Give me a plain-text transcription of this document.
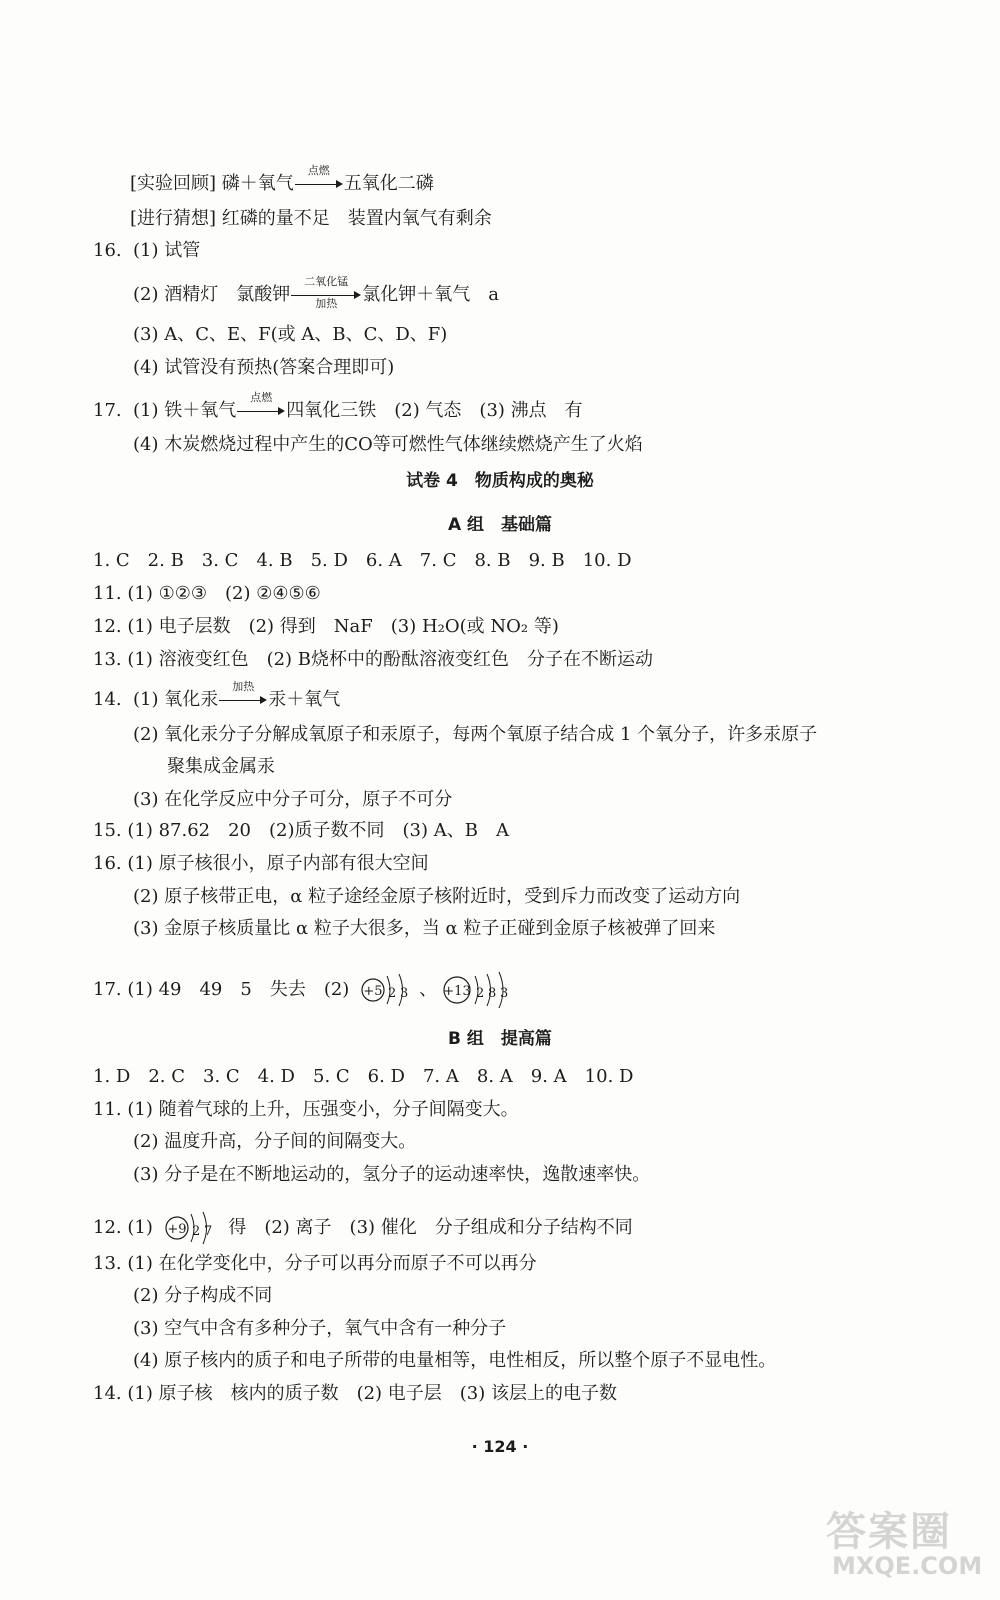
[实验回顾] 磷＋氧气
点燃
五氧化二磷
[进行猜想] 红磷的量不足　装置内氧气有剩余
16. (1) 试管
(2) 酒精灯　氯酸钾
二氧化锰
加热	氯化钾＋氧气　a
(3) A、C、E、F(或 A、B、C、D、F)
(4) 试管没有预热(答案合理即可)
17. (1) 铁＋氧气
点燃
四氧化三铁　(2) 气态　(3) 沸点　有
(4) 木炭燃烧过程中产生的CO等可燃性气体继续燃烧产生了火焰
试卷 4　物质构成的奥秘
A 组　基础篇
1. C　2. B　3. C　4. B　5. D　6. A　7. C　8. B　9. B　10. D
11. (1) ①②③　(2) ②④⑤⑥
12. (1) 电子层数　(2) 得到　NaF　(3) H₂O(或 NO₂ 等)
13. (1) 溶液变红色　(2) B烧杯中的酚酞溶液变红色　分子在不断运动
14. (1) 氧化汞
加热
汞＋氧气
(2) 氧化汞分子分解成氧原子和汞原子，每两个氧原子结合成 1 个氧分子，许多汞原子
聚集成金属汞
(3) 在化学反应中分子可分，原子不可分
15. (1) 87.62　20　(2)质子数不同　(3) A、B　A
16. (1) 原子核很小，原子内部有很大空间
(2) 原子核带正电，α 粒子途经金原子核附近时，受到斥力而改变了运动方向
(3) 金原子核质量比 α 粒子大很多，当 α 粒子正碰到金原子核被弹了回来
17. (1) 49　49　5　失去　(2) +5 2 3 、 +13 2 8 3
B 组　提高篇
1. D　2. C　3. C　4. D　5. C　6. D　7. A　8. A　9. A　10. D
11. (1) 随着气球的上升，压强变小，分子间隔变大。
(2) 温度升高，分子间的间隔变大。
(3) 分子是在不断地运动的，氢分子的运动速率快，逸散速率快。
12. (1) +9 2 7 得　(2) 离子　(3) 催化　分子组成和分子结构不同
13. (1) 在化学变化中，分子可以再分而原子不可以再分
(2) 分子构成不同
(3) 空气中含有多种分子，氧气中含有一种分子
(4) 原子核内的质子和电子所带的电量相等，电性相反，所以整个原子不显电性。
14. (1) 原子核　核内的质子数　(2) 电子层　(3) 该层上的电子数
· 124 ·
答案圈
MXQE.COM
